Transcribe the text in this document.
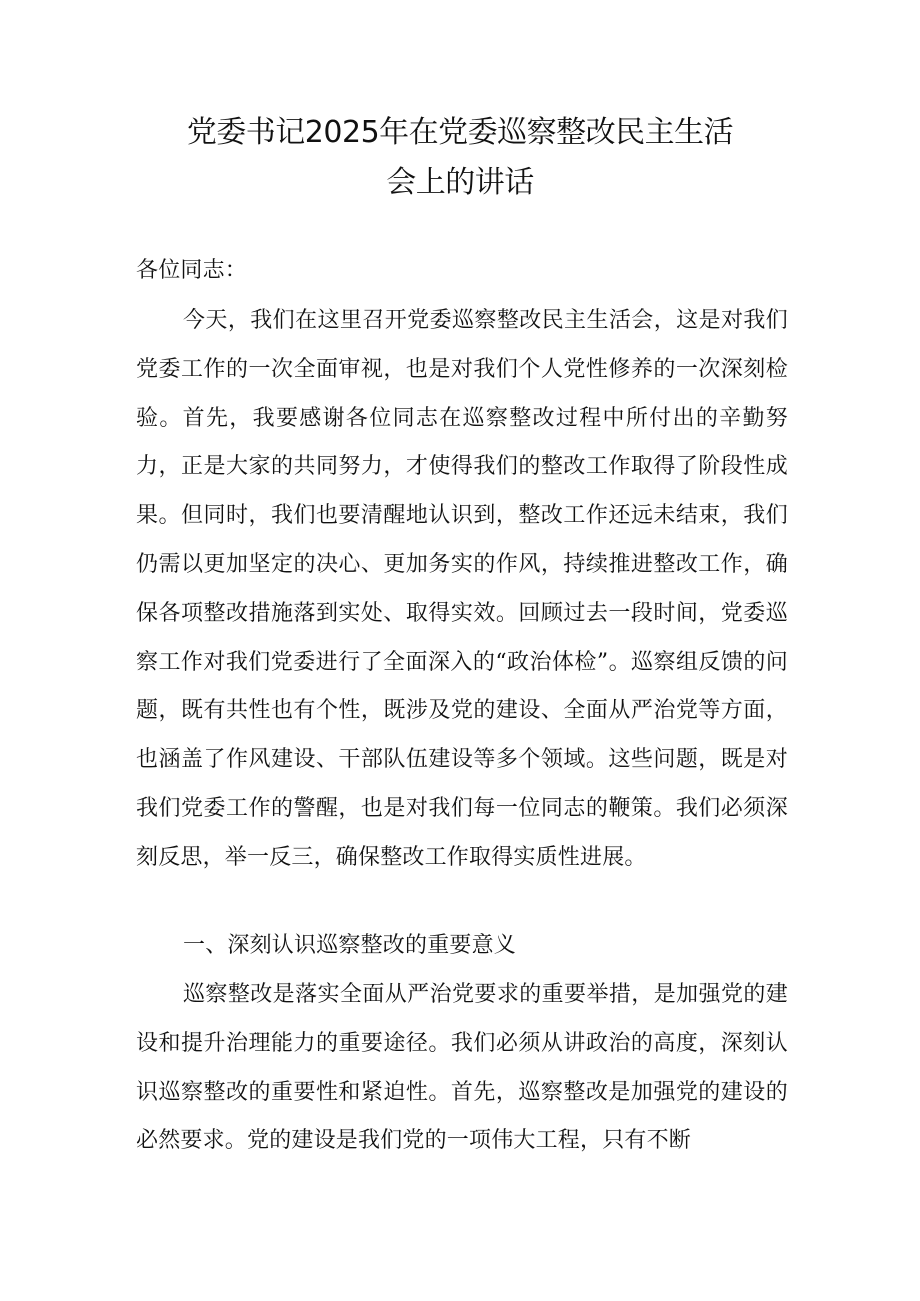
党委书记2025年在党委巡察整改民主生活
会上的讲话

各位同志：

今天，我们在这里召开党委巡察整改民主生活会，这是对我们党委工作的一次全面审视，也是对我们个人党性修养的一次深刻检验。首先，我要感谢各位同志在巡察整改过程中所付出的辛勤努力，正是大家的共同努力，才使得我们的整改工作取得了阶段性成果。但同时，我们也要清醒地认识到，整改工作还远未结束，我们仍需以更加坚定的决心、更加务实的作风，持续推进整改工作，确保各项整改措施落到实处、取得实效。回顾过去一段时间，党委巡察工作对我们党委进行了全面深入的“政治体检”。巡察组反馈的问题，既有共性也有个性，既涉及党的建设、全面从严治党等方面，也涵盖了作风建设、干部队伍建设等多个领域。这些问题，既是对我们党委工作的警醒，也是对我们每一位同志的鞭策。我们必须深刻反思，举一反三，确保整改工作取得实质性进展。

一、深刻认识巡察整改的重要意义

巡察整改是落实全面从严治党要求的重要举措，是加强党的建设和提升治理能力的重要途径。我们必须从讲政治的高度，深刻认识巡察整改的重要性和紧迫性。首先，巡察整改是加强党的建设的必然要求。党的建设是我们党的一项伟大工程，只有不断
